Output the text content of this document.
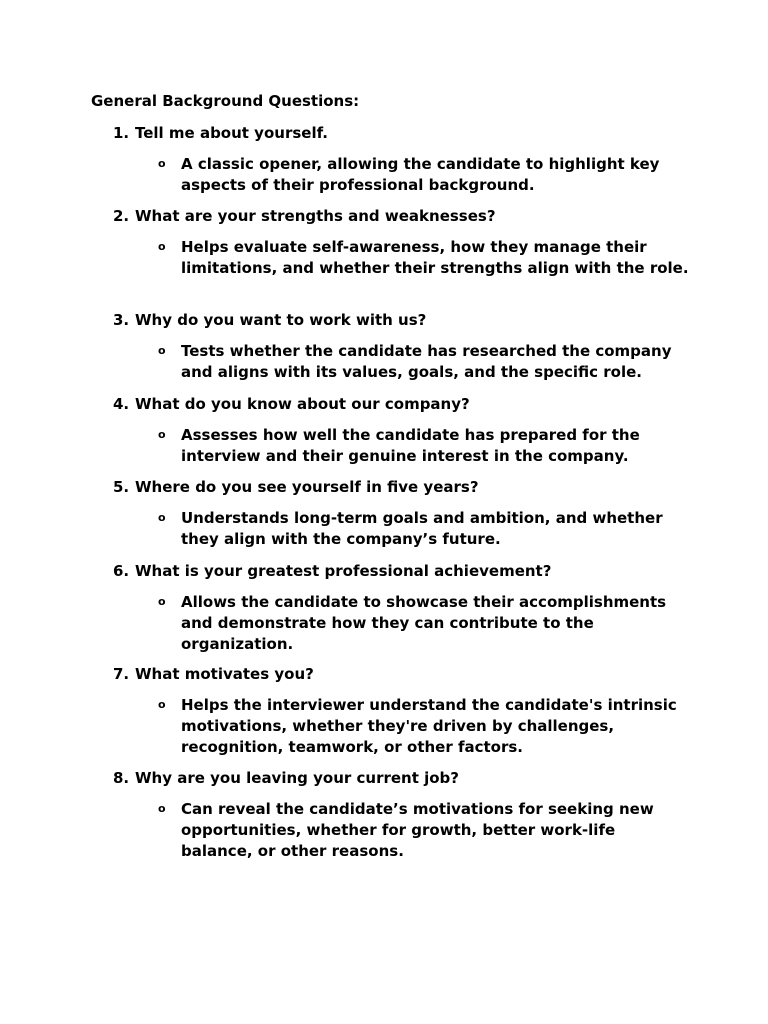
General Background Questions:
1. Tell me about yourself.
o A classic opener, allowing the candidate to highlight key aspects of their professional background.
2. What are your strengths and weaknesses?
o Helps evaluate self-awareness, how they manage their limitations, and whether their strengths align with the role.
3. Why do you want to work with us?
o Tests whether the candidate has researched the company and aligns with its values, goals, and the specific role.
4. What do you know about our company?
o Assesses how well the candidate has prepared for the interview and their genuine interest in the company.
5. Where do you see yourself in five years?
o Understands long-term goals and ambition, and whether they align with the company’s future.
6. What is your greatest professional achievement?
o Allows the candidate to showcase their accomplishments and demonstrate how they can contribute to the organization.
7. What motivates you?
o Helps the interviewer understand the candidate's intrinsic motivations, whether they're driven by challenges, recognition, teamwork, or other factors.
8. Why are you leaving your current job?
o Can reveal the candidate’s motivations for seeking new opportunities, whether for growth, better work-life balance, or other reasons.
